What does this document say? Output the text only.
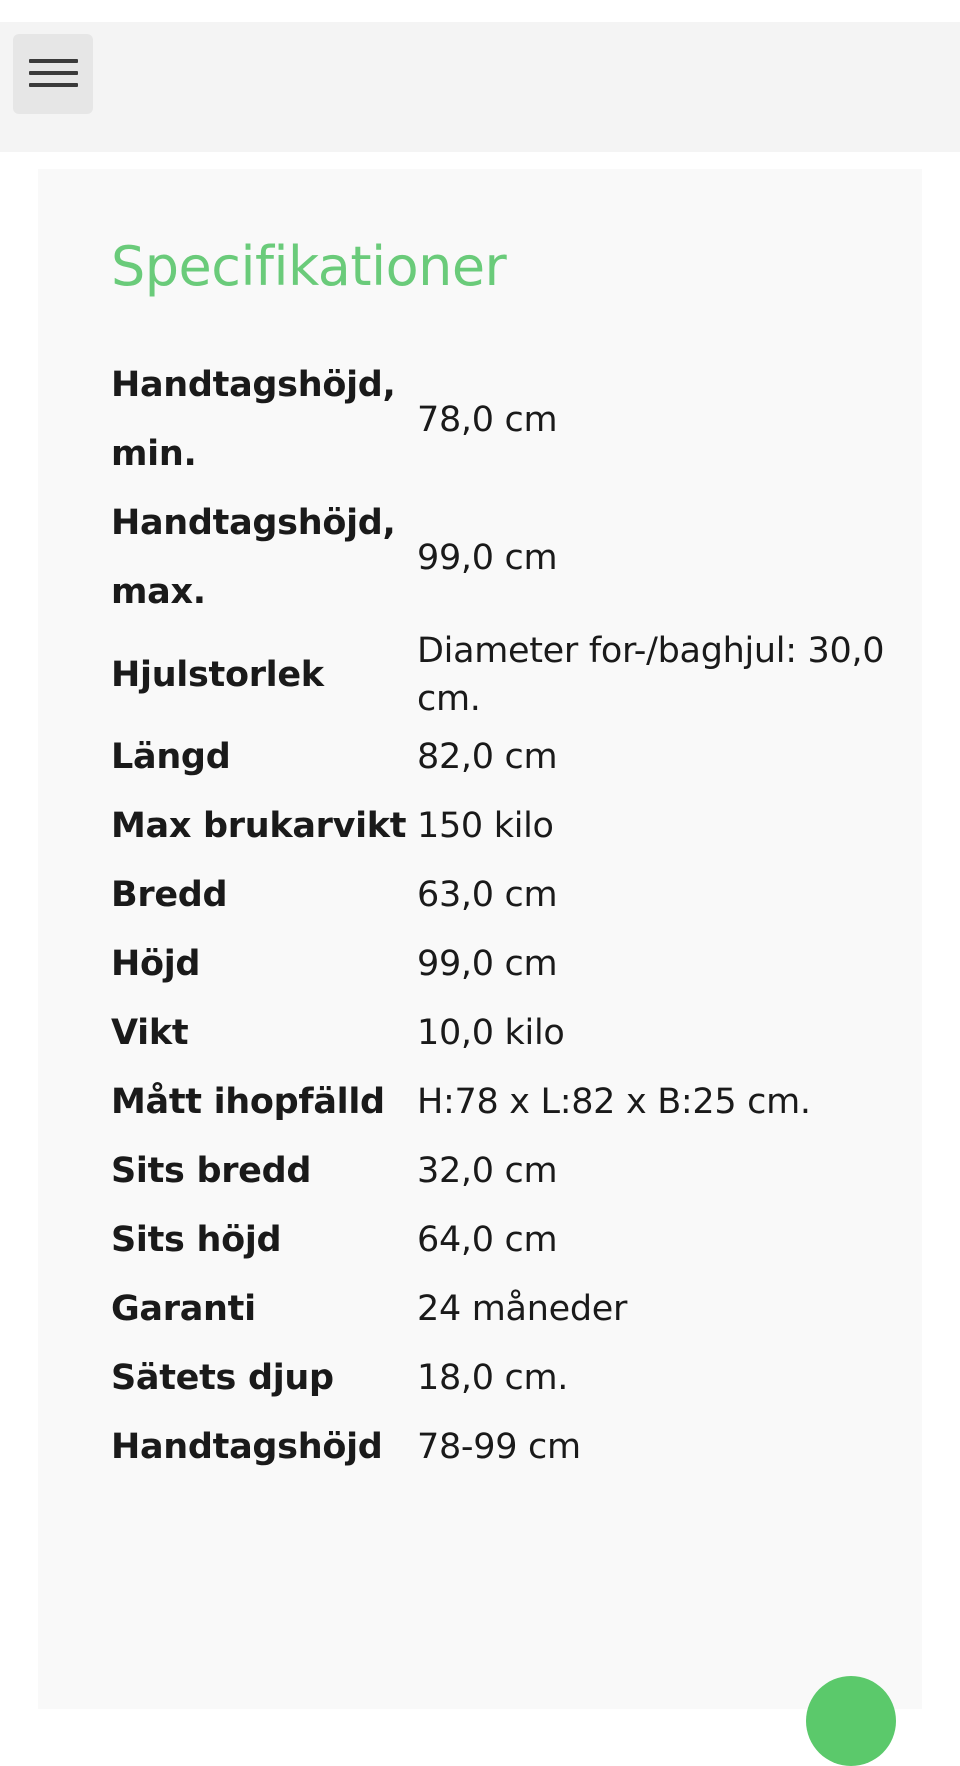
Specifikationer
Handtagshöjd, min.	78,0 cm
Handtagshöjd, max.	99,0 cm
Hjulstorlek	Diameter for-/baghjul: 30,0 cm.
Längd	82,0 cm
Max brukarvikt	150 kilo
Bredd	63,0 cm
Höjd	99,0 cm
Vikt	10,0 kilo
Mått ihopfälld	H:78 x L:82 x B:25 cm.
Sits bredd	32,0 cm
Sits höjd	64,0 cm
Garanti	24 måneder
Sätets djup	18,0 cm.
Handtagshöjd	78-99 cm
